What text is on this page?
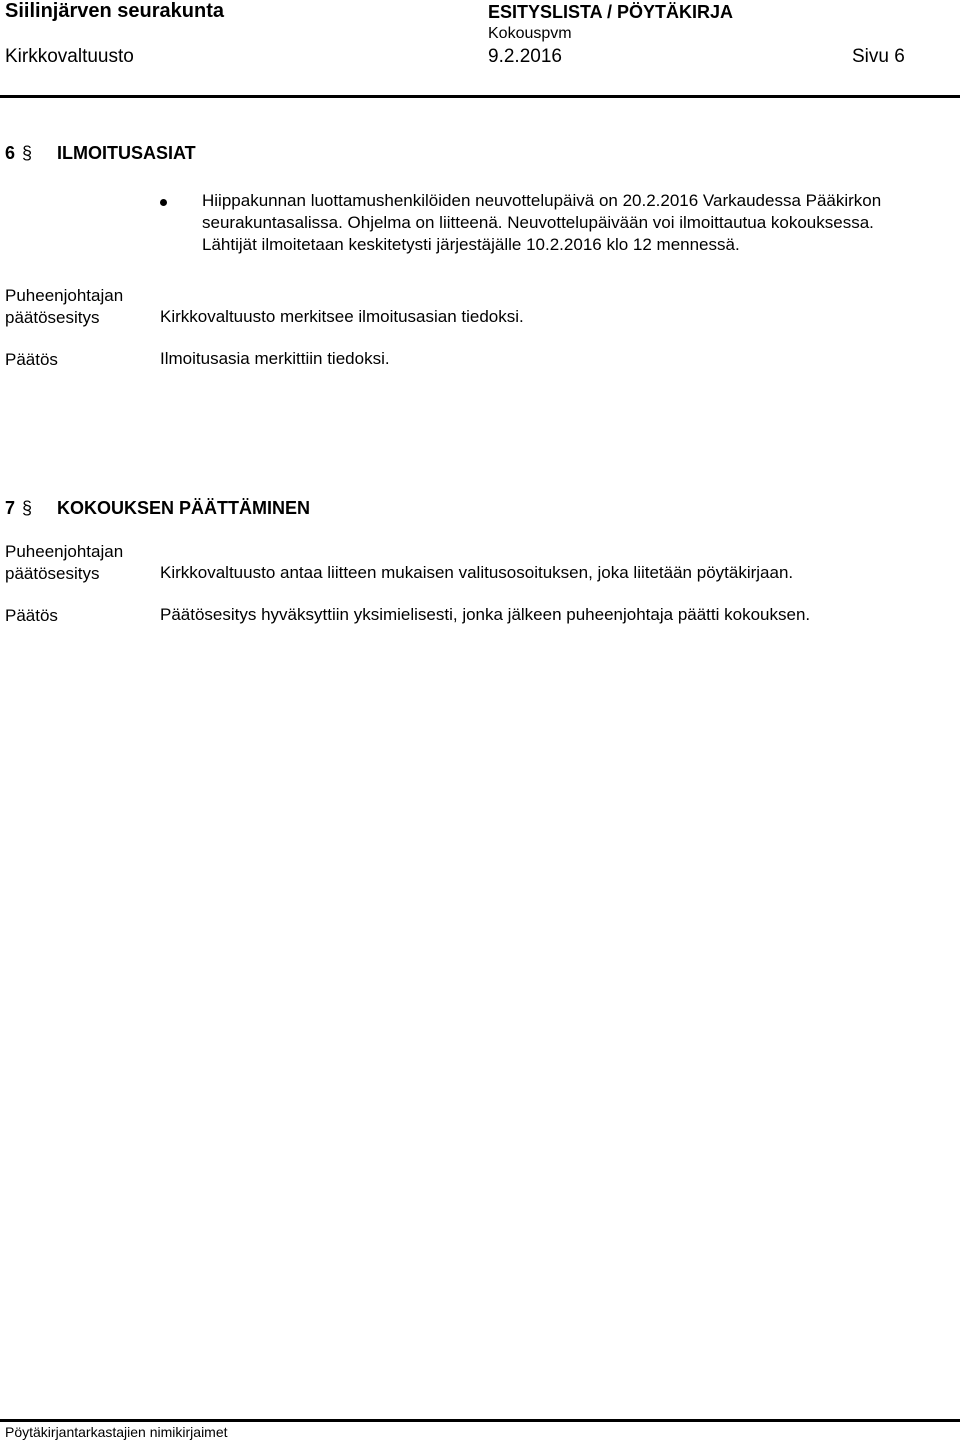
Siilinjärven seurakunta	ESITYSLISTA / PÖYTÄKIRJA
Kokouspvm
Kirkkovaltuusto	9.2.2016	Sivu 6
6 § ILMOITUSASIAT
Hiippakunnan luottamushenkilöiden neuvottelupäivä on 20.2.2016 Varkaudessa Pääkirkon
seurakuntasalissa. Ohjelma on liitteenä. Neuvottelupäivään voi ilmoittautua kokouksessa.
Lähtijät ilmoitetaan keskitetysti järjestäjälle 10.2.2016 klo 12 mennessä.
Puheenjohtajan
päätösesitys	Kirkkovaltuusto merkitsee ilmoitusasian tiedoksi.
Päätös	Ilmoitusasia merkittiin tiedoksi.
7 § KOKOUKSEN PÄÄTTÄMINEN
Puheenjohtajan
päätösesitys	Kirkkovaltuusto antaa liitteen mukaisen valitusosoituksen, joka liitetään pöytäkirjaan.
Päätös	Päätösesitys hyväksyttiin yksimielisesti, jonka jälkeen puheenjohtaja päätti kokouksen.
Pöytäkirjantarkastajien nimikirjaimet
